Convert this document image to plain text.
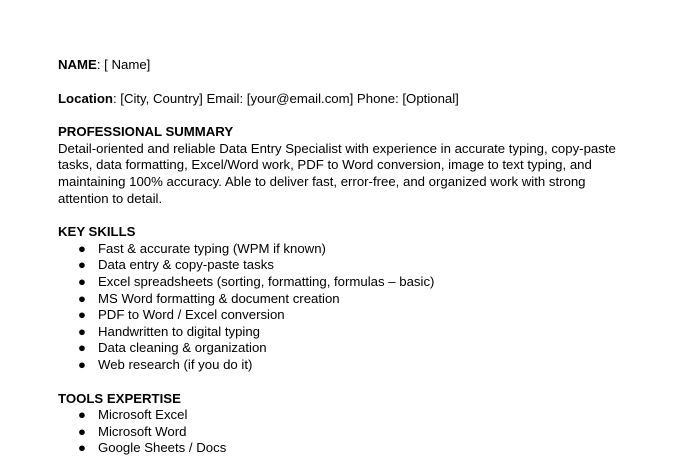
NAME: [ Name]

Location: [City, Country] Email: [your@email.com] Phone: [Optional]

PROFESSIONAL SUMMARY

Detail-oriented and reliable Data Entry Specialist with experience in accurate typing, copy-paste tasks, data formatting, Excel/Word work, PDF to Word conversion, image to text typing, and maintaining 100% accuracy. Able to deliver fast, error-free, and organized work with strong attention to detail.

KEY SKILLS

● Fast & accurate typing (WPM if known)
● Data entry & copy-paste tasks
● Excel spreadsheets (sorting, formatting, formulas – basic)
● MS Word formatting & document creation
● PDF to Word / Excel conversion
● Handwritten to digital typing
● Data cleaning & organization
● Web research (if you do it)

TOOLS EXPERTISE

● Microsoft Excel
● Microsoft Word
● Google Sheets / Docs
